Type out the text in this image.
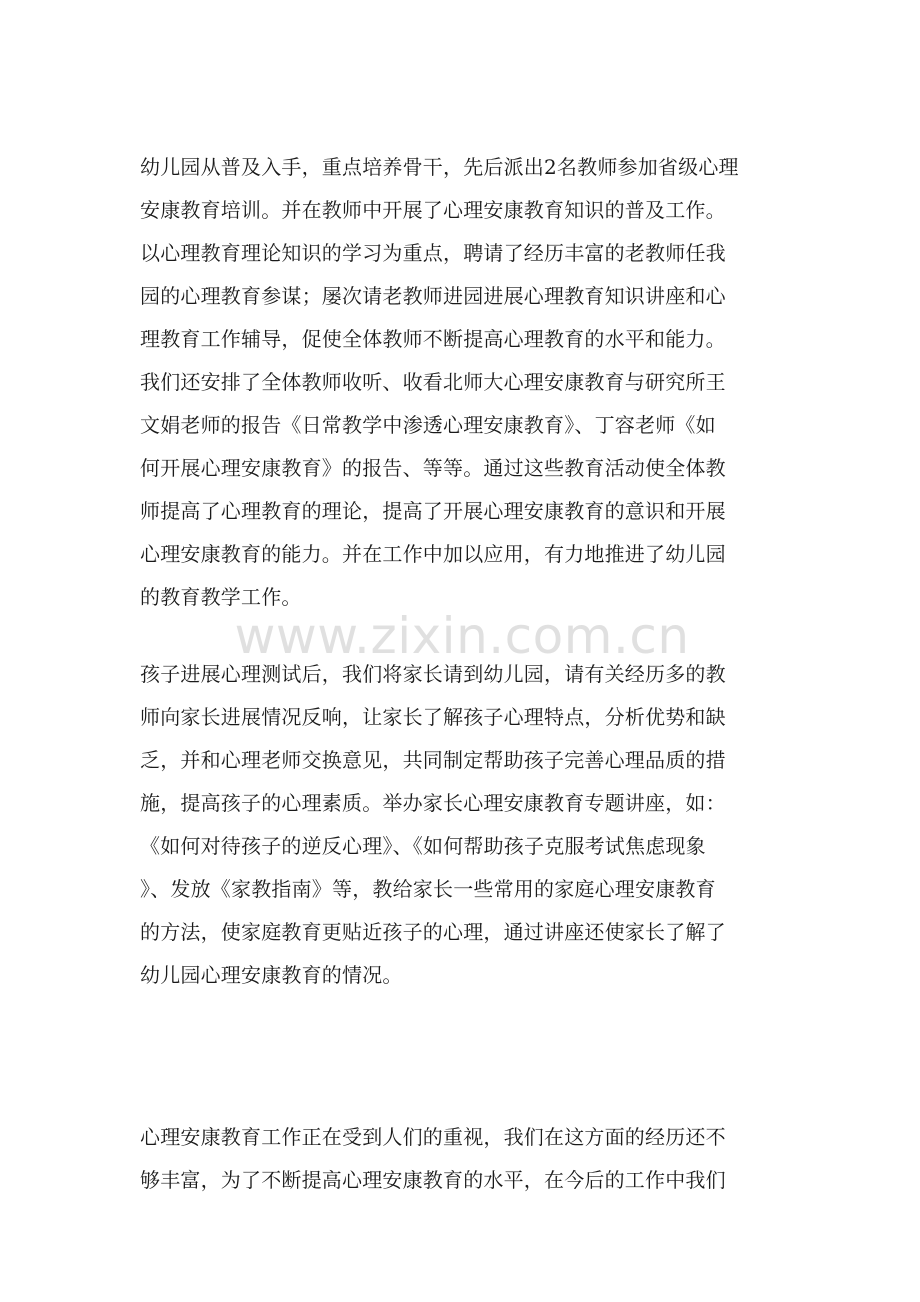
幼儿园从普及入手，重点培养骨干，先后派出2名教师参加省级心理
安康教育培训。并在教师中开展了心理安康教育知识的普及工作。
以心理教育理论知识的学习为重点，聘请了经历丰富的老教师任我
园的心理教育参谋；屡次请老教师进园进展心理教育知识讲座和心
理教育工作辅导，促使全体教师不断提高心理教育的水平和能力。
我们还安排了全体教师收听、收看北师大心理安康教育与研究所王
文娟老师的报告《日常教学中渗透心理安康教育》、丁容老师《如
何开展心理安康教育》的报告、等等。通过这些教育活动使全体教
师提高了心理教育的理论，提高了开展心理安康教育的意识和开展
心理安康教育的能力。并在工作中加以应用，有力地推进了幼儿园
的教育教学工作。
www.zixin.com.cn
孩子进展心理测试后，我们将家长请到幼儿园，请有关经历多的教
师向家长进展情况反响，让家长了解孩子心理特点，分析优势和缺
乏，并和心理老师交换意见，共同制定帮助孩子完善心理品质的措
施，提高孩子的心理素质。举办家长心理安康教育专题讲座，如：
《如何对待孩子的逆反心理》、《如何帮助孩子克服考试焦虑现象
》、发放《家教指南》等，教给家长一些常用的家庭心理安康教育
的方法，使家庭教育更贴近孩子的心理，通过讲座还使家长了解了
幼儿园心理安康教育的情况。
心理安康教育工作正在受到人们的重视，我们在这方面的经历还不
够丰富，为了不断提高心理安康教育的水平，在今后的工作中我们
